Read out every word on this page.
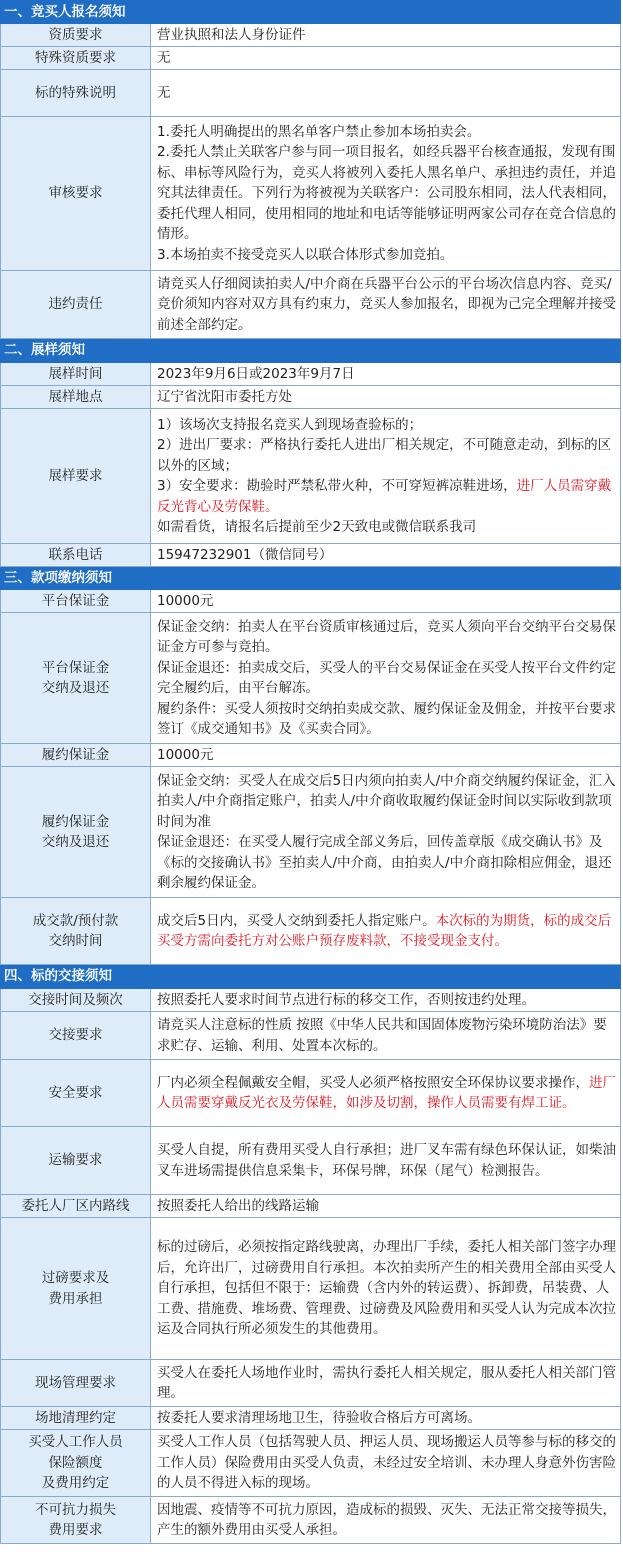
一、竞买人报名须知	
资质要求	营业执照和法人身份证件
特殊资质要求	无
标的特殊说明	无
审核要求	1.委托人明确提出的黑名单客户禁止参加本场拍卖会。
2.委托人禁止关联客户参与同一项目报名，如经兵器平台核查通报，发现有围标、串标等风险行为，竞买人将被列入委托人黑名单户、承担违约责任，并追究其法律责任。下列行为将被视为关联客户：公司股东相同，法人代表相同，委托代理人相同，使用相同的地址和电话等能够证明两家公司存在竞合信息的情形。
3.本场拍卖不接受竞买人以联合体形式参加竞拍。

违约责任	请竞买人仔细阅读拍卖人/中介商在兵器平台公示的平台场次信息内容、竞买/竞价须知内容对双方具有约束力，竞买人参加报名，即视为己完全理解并接受前述全部约定。
二、展样须知	
展样时间	2023年9月6日或2023年9月7日
展样地点	辽宁省沈阳市委托方处
展样要求	1）该场次支持报名竞买人到现场查验标的；
2）进出厂要求：严格执行委托人进出厂相关规定，不可随意走动，到标的区以外的区域；
3）安全要求：勘验时严禁私带火种，不可穿短裤凉鞋进场，进厂人员需穿戴反光背心及劳保鞋。
如需看货，请报名后提前至少2天致电或微信联系我司

联系电话	15947232901（微信同号）
三、款项缴纳须知	
平台保证金	10000元

平台保证金
交纳及退还	保证金交纳：拍卖人在平台资质审核通过后，竞买人须向平台交纳平台交易保证金方可参与竞拍。
保证金退还：拍卖成交后，买受人的平台交易保证金在买受人按平台文件约定完全履约后，由平台解冻。
履约条件：买受人须按时交纳拍卖成交款、履约保证金及佣金，并按平台要求签订《成交通知书》及《买卖合同》。

履约保证金	10000元

履约保证金
交纳及退还	保证金交纳：买受人在成交后5日内须向拍卖人/中介商交纳履约保证金，汇入拍卖人/中介商指定账户，拍卖人/中介商收取履约保证金时间以实际收到款项时间为准
保证金退还：在买受人履行完成全部义务后，回传盖章版《成交确认书》及《标的交接确认书》至拍卖人/中介商，由拍卖人/中介商扣除相应佣金，退还剩余履约保证金。

成交款/预付款
交纳时间	成交后5日内，买受人交纳到委托人指定账户。本次标的为期货，标的成交后买受方需向委托方对公账户预存废料款，不接受现金支付。
四、标的交接须知	
交接时间及频次	按照委托人要求时间节点进行标的移交工作，否则按违约处理。
交接要求	请竞买人注意标的性质 按照《中华人民共和国固体废物污染环境防治法》要求贮存、运输、利用、处置本次标的。
安全要求	厂内必须全程佩戴安全帽，买受人必须严格按照安全环保协议要求操作，进厂人员需要穿戴反光衣及劳保鞋，如涉及切割，操作人员需要有焊工证。
运输要求	买受人自提，所有费用买受人自行承担；进厂叉车需有绿色环保认证，如柴油叉车进场需提供信息采集卡，环保号牌，环保（尾气）检测报告。
委托人厂区内路线	按照委托人给出的线路运输

过磅要求及
费用承担	标的过磅后，必须按指定路线驶离，办理出厂手续，委托人相关部门签字办理后，允许出厂，过磅费用自行承担。本次拍卖所产生的相关费用全部由买受人自行承担，包括但不限于：运输费（含内外的转运费）、拆卸费，吊装费、人工费、措施费、堆场费、管理费、过磅费及风险费用和买受人认为完成本次拉运及合同执行所必须发生的其他费用。
现场管理要求	买受人在委托人场地作业时，需执行委托人相关规定，服从委托人相关部门管理。
场地清理约定	按委托人要求清理场地卫生，待验收合格后方可离场。

买受人工作人员
保险额度
及费用约定	买受人工作人员（包括驾驶人员、押运人员、现场搬运人员等参与标的移交的工作人员）保险费用由买受人负责，未经过安全培训、未办理人身意外伤害险的人员不得进入标的现场。

不可抗力损失
费用要求	因地震、疫情等不可抗力原因，造成标的损毁、灭失、无法正常交接等损失，产生的额外费用由买受人承担。
